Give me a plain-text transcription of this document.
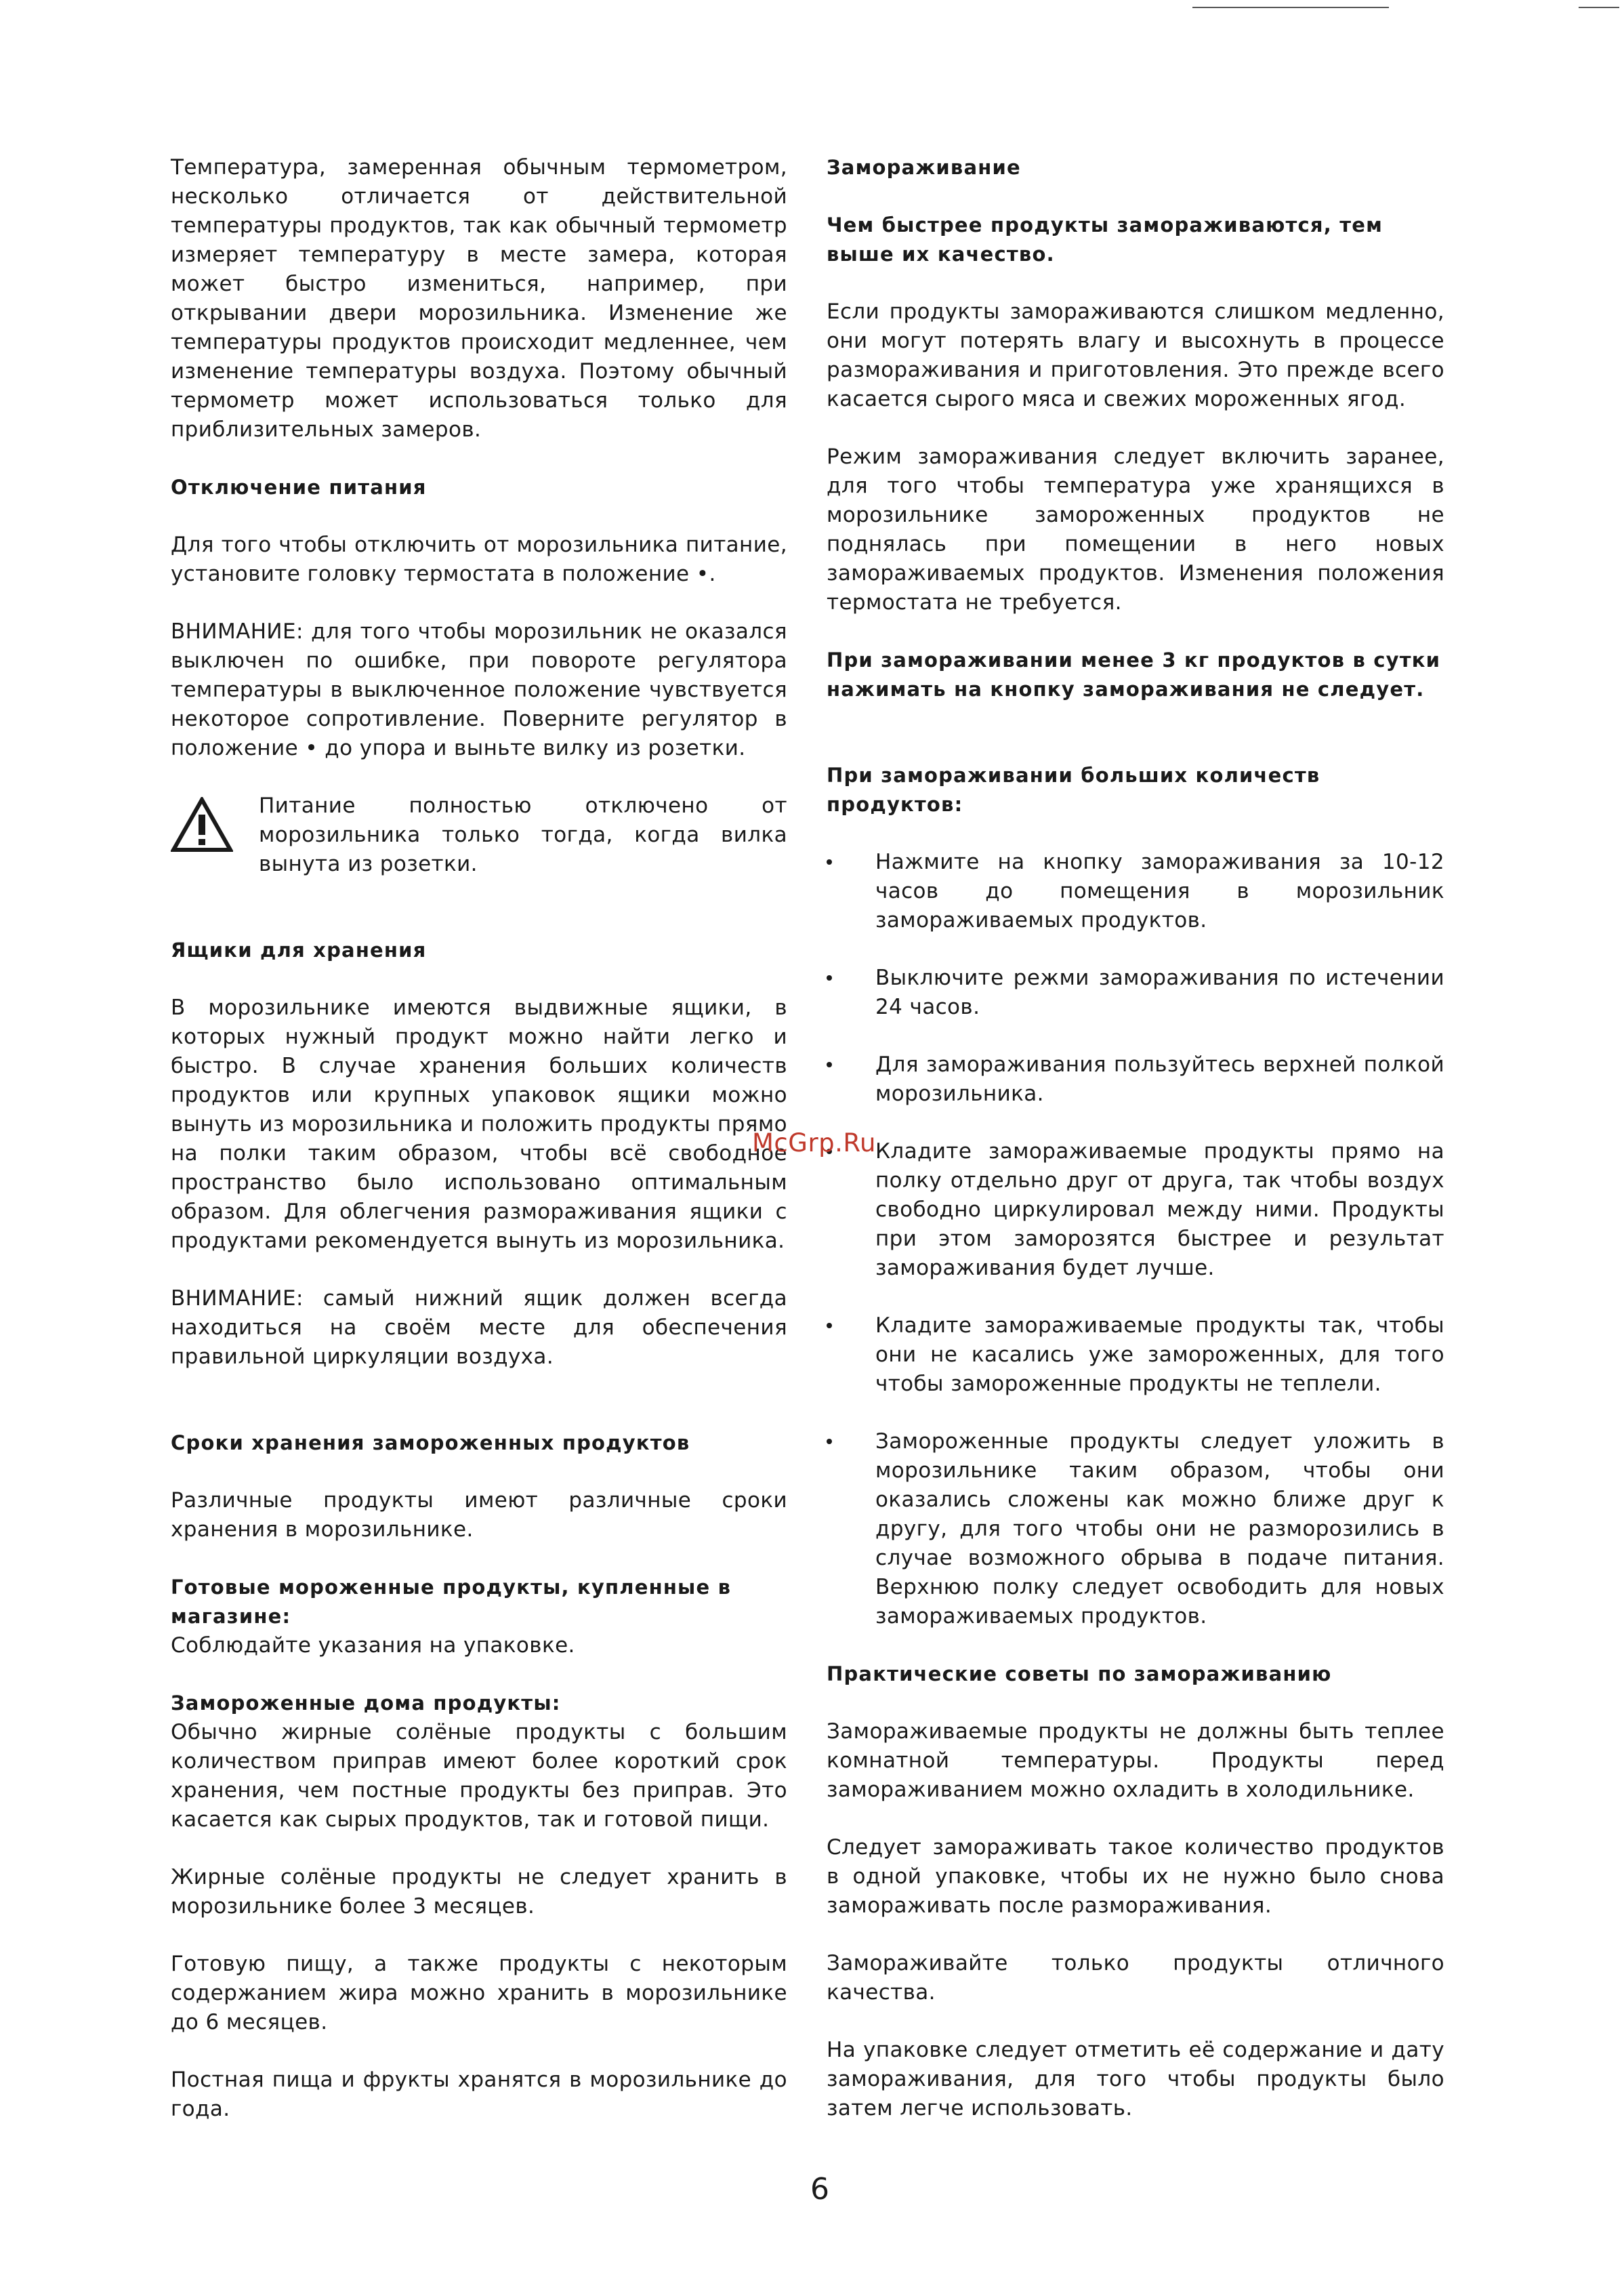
Температура, замеренная обычным термометром, несколько отличается от действительной температуры продуктов, так как обычный термометр измеряет температуру в месте замера, которая может быстро измениться, например, при открывании двери морозильника. Изменение же температуры продуктов происходит медленнее, чем изменение температуры воздуха. Поэтому обычный термометр может использоваться только для приблизительных замеров.

Отключение питания

Для того чтобы отключить от морозильника питание, установите головку термостата в положение •.

ВНИМАНИЕ: для того чтобы морозильник не оказался выключен по ошибке, при повороте регулятора температуры в выключенное положение чувствуется некоторое сопротивление. Поверните регулятор в положение • до упора и выньте вилку из розетки.

Питание полностью отключено от морозильника только тогда, когда вилка вынута из розетки.

Ящики для хранения

В морозильнике имеются выдвижные ящики, в которых нужный продукт можно найти легко и быстро. В случае хранения больших количеств продуктов или крупных упаковок ящики можно вынуть из морозильника и положить продукты прямо на полки таким образом, чтобы всё свободное пространство было использовано оптимальным образом. Для облегчения размораживания ящики с продуктами рекомендуется вынуть из морозильника.

ВНИМАНИЕ: самый нижний ящик должен всегда находиться на своём месте для обеспечения правильной циркуляции воздуха.

Сроки хранения замороженных продуктов

Различные продукты имеют различные сроки хранения в морозильнике.

Готовые мороженные продукты, купленные в магазине:

Соблюдайте указания на упаковке.

Замороженные дома продукты:

Обычно жирные солёные продукты с большим количеством приправ имеют более короткий срок хранения, чем постные продукты без приправ. Это касается как сырых продуктов, так и готовой пищи.

Жирные солёные продукты не следует хранить в морозильнике более 3 месяцев.

Готовую пищу, а также продукты с некоторым содержанием жира можно хранить в морозильнике до 6 месяцев.

Постная пища и фрукты хранятся в морозильнике до года.

Замораживание
Чем быстрее продукты замораживаются, тем выше их качество.

Если продукты замораживаются слишком медленно, они могут потерять влагу и высохнуть в процессе размораживания и приготовления. Это прежде всего касается сырого мяса и свежих мороженных ягод.

Режим замораживания следует включить заранее, для того чтобы температура уже хранящихся в морозильнике замороженных продуктов не поднялась при помещении в него новых замораживаемых продуктов. Изменения положения термостата не требуется.

При замораживании менее 3 кг продуктов в сутки нажимать на кнопку замораживания не следует.
При замораживании больших количеств продуктов:

Нажмите на кнопку замораживания за 10-12 часов до помещения в морозильник замораживаемых продуктов.

Выключите режми замораживания по истечении 24 часов.

Для замораживания пользуйтесь верхней полкой морозильника.

Кладите замораживаемые продукты прямо на полку отдельно друг от друга, так чтобы воздух свободно циркулировал между ними. Продукты при этом заморозятся быстрее и результат замораживания будет лучше.

Кладите замораживаемые продукты так, чтобы они не касались уже замороженных, для того чтобы замороженные продукты не теплели.

Замороженные продукты следует уложить в морозильнике таким образом, чтобы они оказались сложены как можно ближе друг к другу, для того чтобы они не разморозились в случае возможного обрыва в подаче питания. Верхнюю полку следует освободить для новых замораживаемых продуктов.

Практические советы по замораживанию

Замораживаемые продукты не должны быть теплее комнатной температуры. Продукты перед замораживанием можно охладить в холодильнике.

Следует замораживать такое количество продуктов в одной упаковке, чтобы их не нужно было снова замораживать после размораживания.

Замораживайте только продукты отличного качества.

На упаковке следует отметить её содержание и дату замораживания, для того чтобы продукты было затем легче использовать.

McGrp.Ru
6
